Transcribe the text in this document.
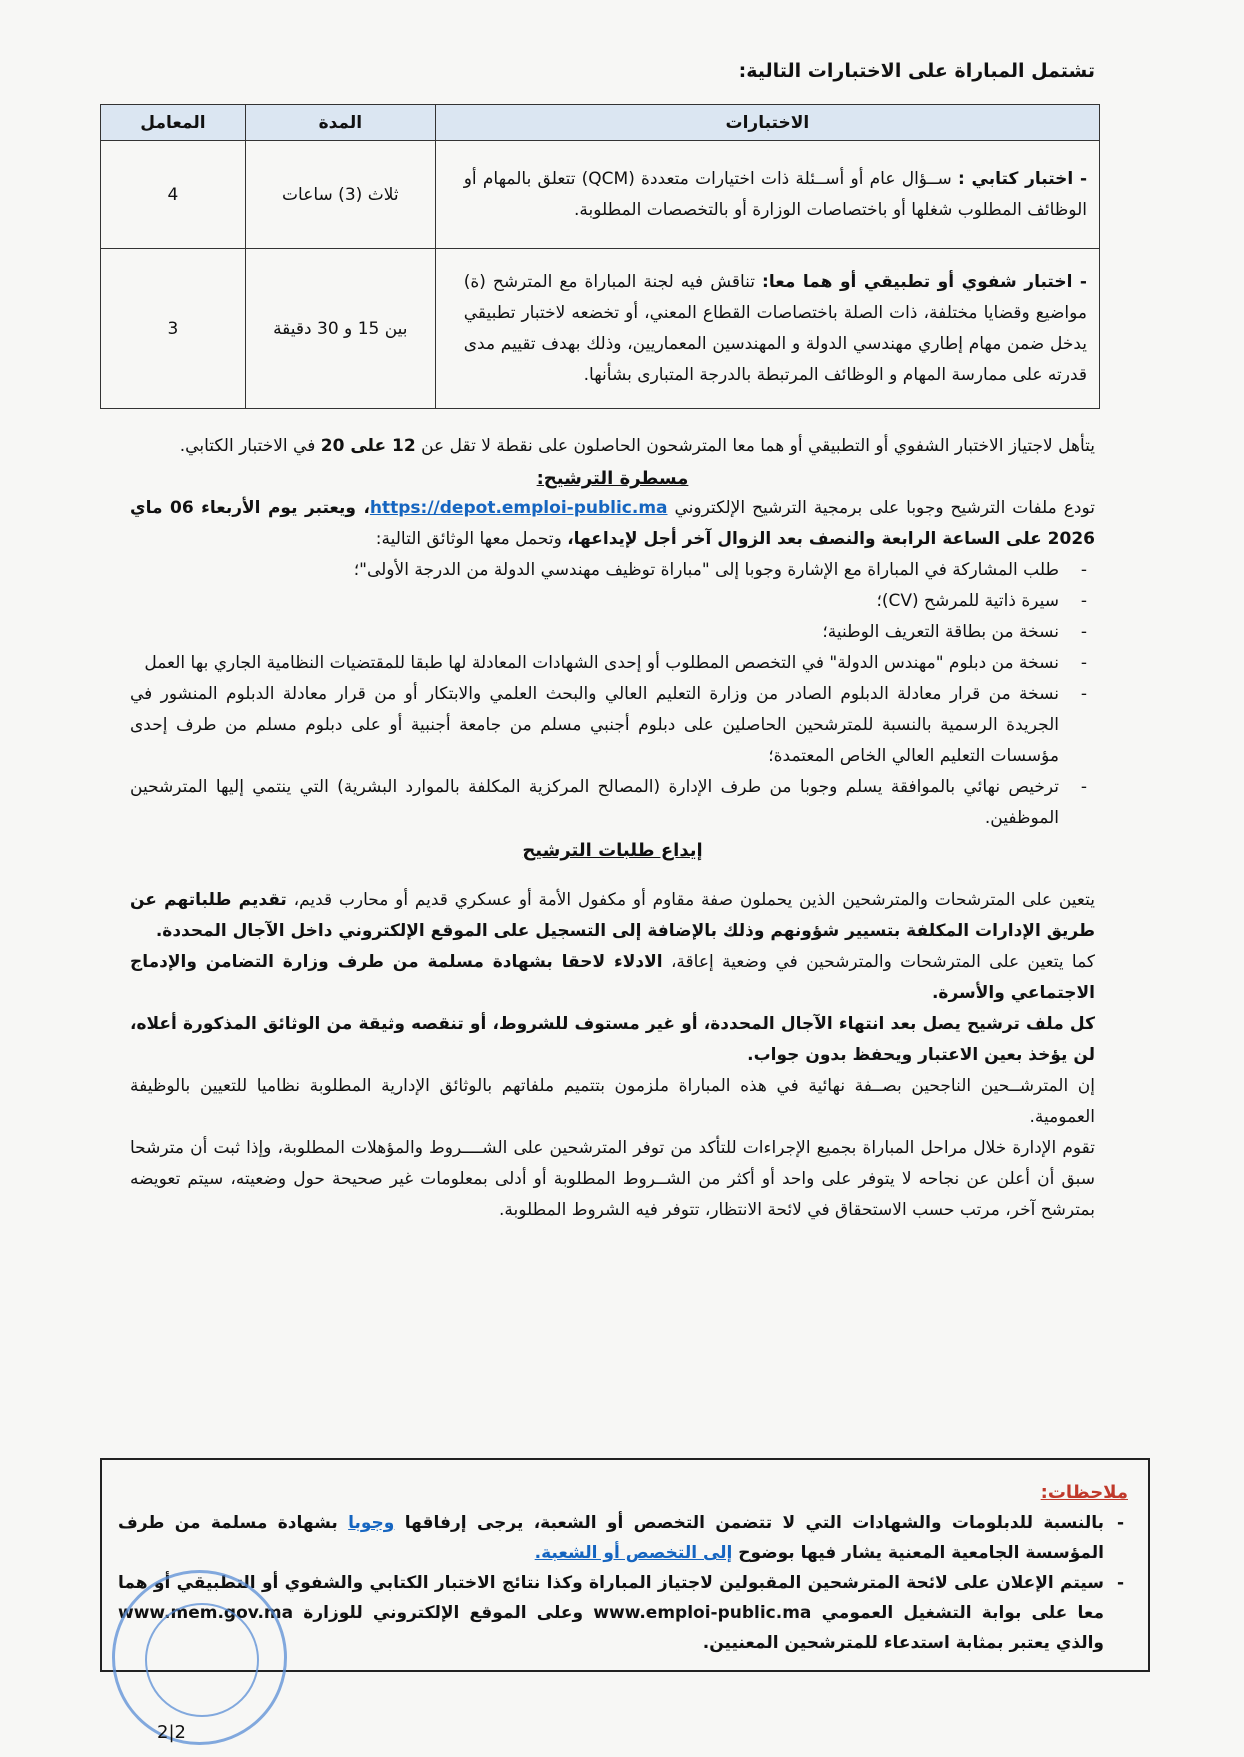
تشتمل المباراة على الاختبارات التالية:
الاختبارات	المدة	المعامل
- اختبار كتابي : ســؤال عام أو أســئلة ذات اختيارات متعددة (QCM) تتعلق بالمهام أو الوظائف المطلوب شغلها أو باختصاصات الوزارة أو بالتخصصات المطلوبة.	ثلاث (3) ساعات	4
- اختبار شفوي أو تطبيقي أو هما معا: تناقش فيه لجنة المباراة مع المترشح (ة) مواضيع وقضايا مختلفة، ذات الصلة باختصاصات القطاع المعني، أو تخضعه لاختبار تطبيقي يدخل ضمن مهام إطاري مهندسي الدولة و المهندسين المعماريين، وذلك بهدف تقييم مدى قدرته على ممارسة المهام و الوظائف المرتبطة بالدرجة المتبارى بشأنها.	بين 15 و 30 دقيقة	3

يتأهل لاجتياز الاختبار الشفوي أو التطبيقي أو هما معا المترشحون الحاصلون على نقطة لا تقل عن 12 على 20 في الاختبار الكتابي.

مسطرة الترشيح:

تودع ملفات الترشيح وجوبا على برمجية الترشيح الإلكتروني https://depot.emploi-public.ma، ويعتبر يوم الأربعاء 06 ماي 2026 على الساعة الرابعة والنصف بعد الزوال آخر أجل لإيداعها، وتحمل معها الوثائق التالية:

- طلب المشاركة في المباراة مع الإشارة وجوبا إلى "مباراة توظيف مهندسي الدولة من الدرجة الأولى"؛
- سيرة ذاتية للمرشح (CV)؛
- نسخة من بطاقة التعريف الوطنية؛
- نسخة من دبلوم "مهندس الدولة" في التخصص المطلوب أو إحدى الشهادات المعادلة لها طبقا للمقتضيات النظامية الجاري بها العمل
- نسخة من قرار معادلة الدبلوم الصادر من وزارة التعليم العالي والبحث العلمي والابتكار أو من قرار معادلة الدبلوم المنشور في الجريدة الرسمية بالنسبة للمترشحين الحاصلين على دبلوم أجنبي مسلم من جامعة أجنبية أو على دبلوم مسلم من طرف إحدى مؤسسات التعليم العالي الخاص المعتمدة؛
- ترخيص نهائي بالموافقة يسلم وجوبا من طرف الإدارة (المصالح المركزية المكلفة بالموارد البشرية) التي ينتمي إليها المترشحين الموظفين.
إيداع طلبات الترشيح

يتعين على المترشحات والمترشحين الذين يحملون صفة مقاوم أو مكفول الأمة أو عسكري قديم أو محارب قديم، تقديم طلباتهم عن طريق الإدارات المكلفة بتسيير شؤونهم وذلك بالإضافة إلى التسجيل على الموقع الإلكتروني داخل الآجال المحددة.

كما يتعين على المترشحات والمترشحين في وضعية إعاقة، الادلاء لاحقا بشهادة مسلمة من طرف وزارة التضامن والإدماج الاجتماعي والأسرة.

كل ملف ترشيح يصل بعد انتهاء الآجال المحددة، أو غير مستوف للشروط، أو تنقصه وثيقة من الوثائق المذكورة أعلاه، لن يؤخذ بعين الاعتبار ويحفظ بدون جواب.

إن المترشــحين الناجحين بصــفة نهائية في هذه المباراة ملزمون بتتميم ملفاتهم بالوثائق الإدارية المطلوبة نظاميا للتعيين بالوظيفة العمومية.

تقوم الإدارة خلال مراحل المباراة بجميع الإجراءات للتأكد من توفر المترشحين على الشــــروط والمؤهلات المطلوبة، وإذا ثبت أن مترشحا سبق أن أعلن عن نجاحه لا يتوفر على واحد أو أكثر من الشــروط المطلوبة أو أدلى بمعلومات غير صحيحة حول وضعيته، سيتم تعويضه بمترشح آخر، مرتب حسب الاستحقاق في لائحة الانتظار، تتوفر فيه الشروط المطلوبة.

ملاحظات:
- بالنسبة للدبلومات والشهادات التي لا تتضمن التخصص أو الشعبة، يرجى إرفاقها وجوبا بشهادة مسلمة من طرف المؤسسة الجامعية المعنية يشار فيها بوضوح إلى التخصص أو الشعبة.
- سيتم الإعلان على لائحة المترشحين المقبولين لاجتياز المباراة وكذا نتائج الاختبار الكتابي والشفوي أو التطبيقي أو هما معا على بوابة التشغيل العمومي www.emploi-public.ma وعلى الموقع الإلكتروني للوزارة www.mem.gov.ma والذي يعتبر بمثابة استدعاء للمترشحين المعنيين.
2|2
